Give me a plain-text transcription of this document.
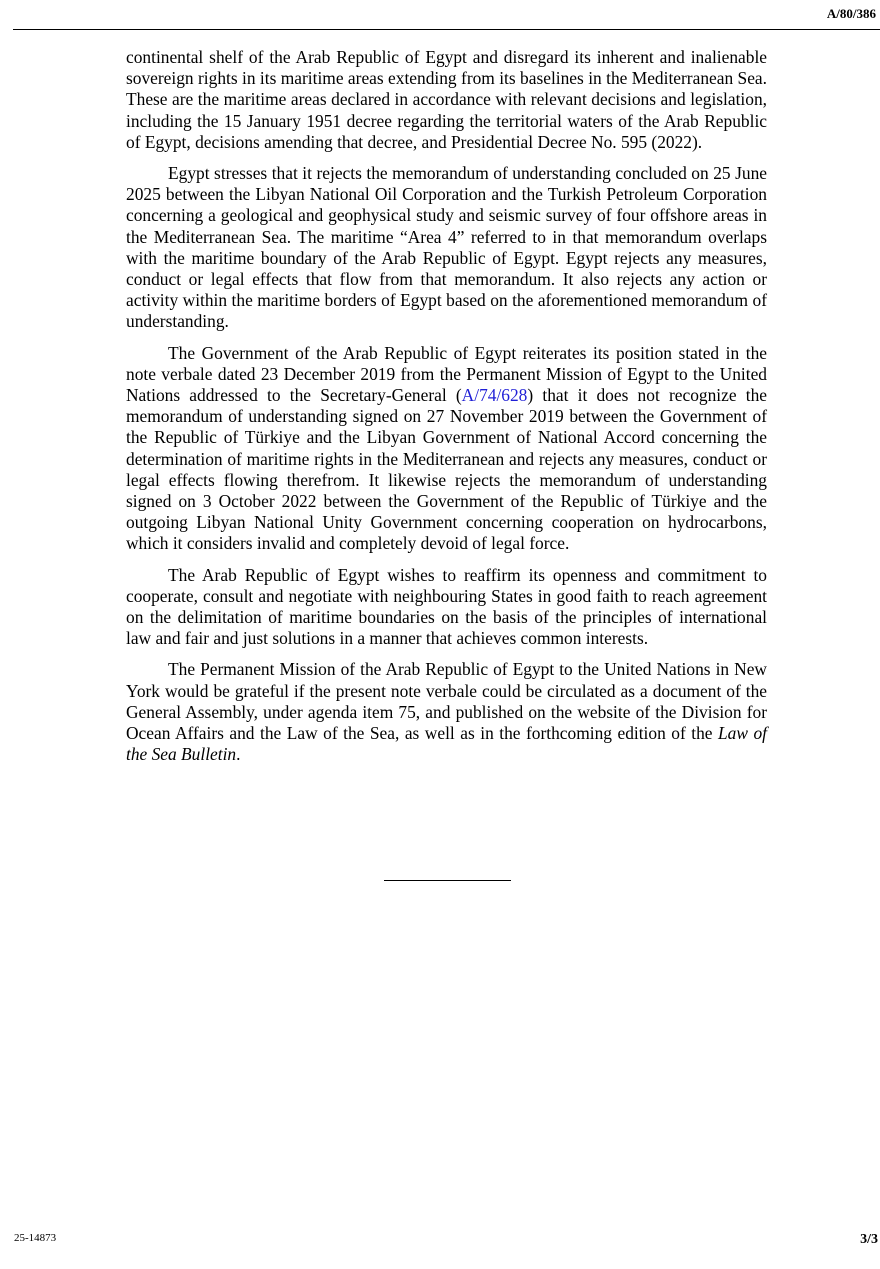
A/80/386

continental shelf of the Arab Republic of Egypt and disregard its inherent and inalienable sovereign rights in its maritime areas extending from its baselines in the Mediterranean Sea. These are the maritime areas declared in accordance with relevant decisions and legislation, including the 15 January 1951 decree regarding the territorial waters of the Arab Republic of Egypt, decisions amending that decree, and Presidential Decree No. 595 (2022).

Egypt stresses that it rejects the memorandum of understanding concluded on 25 June 2025 between the Libyan National Oil Corporation and the Turkish Petroleum Corporation concerning a geological and geophysical study and seismic survey of four offshore areas in the Mediterranean Sea. The maritime “Area 4” referred to in that memorandum overlaps with the maritime boundary of the Arab Republic of Egypt. Egypt rejects any measures, conduct or legal effects that flow from that memorandum. It also rejects any action or activity within the maritime borders of Egypt based on the aforementioned memorandum of understanding.

The Government of the Arab Republic of Egypt reiterates its position stated in the note verbale dated 23 December 2019 from the Permanent Mission of Egypt to the United Nations addressed to the Secretary-General (A/74/628) that it does not recognize the memorandum of understanding signed on 27 November 2019 between the Government of the Republic of Türkiye and the Libyan Government of National Accord concerning the determination of maritime rights in the Mediterranean and rejects any measures, conduct or legal effects flowing therefrom. It likewise rejects the memorandum of understanding signed on 3 October 2022 between the Government of the Republic of Türkiye and the outgoing Libyan National Unity Government concerning cooperation on hydrocarbons, which it considers invalid and completely devoid of legal force.

The Arab Republic of Egypt wishes to reaffirm its openness and commitment to cooperate, consult and negotiate with neighbouring States in good faith to reach agreement on the delimitation of maritime boundaries on the basis of the principles of international law and fair and just solutions in a manner that achieves common interests.

The Permanent Mission of the Arab Republic of Egypt to the United Nations in New York would be grateful if the present note verbale could be circulated as a document of the General Assembly, under agenda item 75, and published on the website of the Division for Ocean Affairs and the Law of the Sea, as well as in the forthcoming edition of the Law of the Sea Bulletin.

25-14873	3/3
